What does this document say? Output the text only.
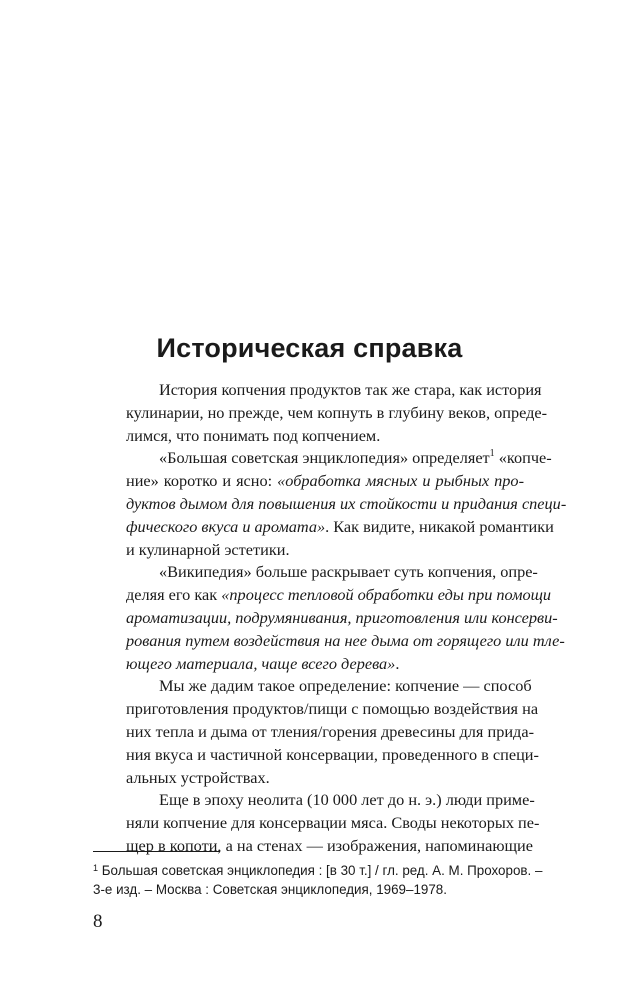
Историческая справка
История копчения продуктов так же стара, как история
кулинарии, но прежде, чем копнуть в глубину веков, опреде-
лимся, что понимать под копчением.
«Большая советская энциклопедия» определяет$^1$ «копче-
ние» коротко и ясно: «обработка мясных и рыбных про-
дуктов дымом для повышения их стойкости и придания специ-
фического вкуса и аромата». Как видите, никакой романтики
и кулинарной эстетики.
«Википедия» больше раскрывает суть копчения, опре-
деляя его как «процесс тепловой обработки еды при помощи
ароматизации, подрумянивания, приготовления или консерви-
рования путем воздействия на нее дыма от горящего или тле-
ющего материала, чаще всего дерева».
Мы же дадим такое определение: копчение — способ
приготовления продуктов/пищи с помощью воздействия на
них тепла и дыма от тления/горения древесины для прида-
ния вкуса и частичной консервации, проведенного в специ-
альных устройствах.
Еще в эпоху неолита (10 000 лет до н. э.) люди приме-
няли копчение для консервации мяса. Своды некоторых пе-
щер в копоти, а на стенах — изображения, напоминающие
$^1$ Большая советская энциклопедия : [в 30 т.] / гл. ред. А. М. Прохоров. –
3-е изд. – Москва : Советская энциклопедия, 1969–1978.
8
